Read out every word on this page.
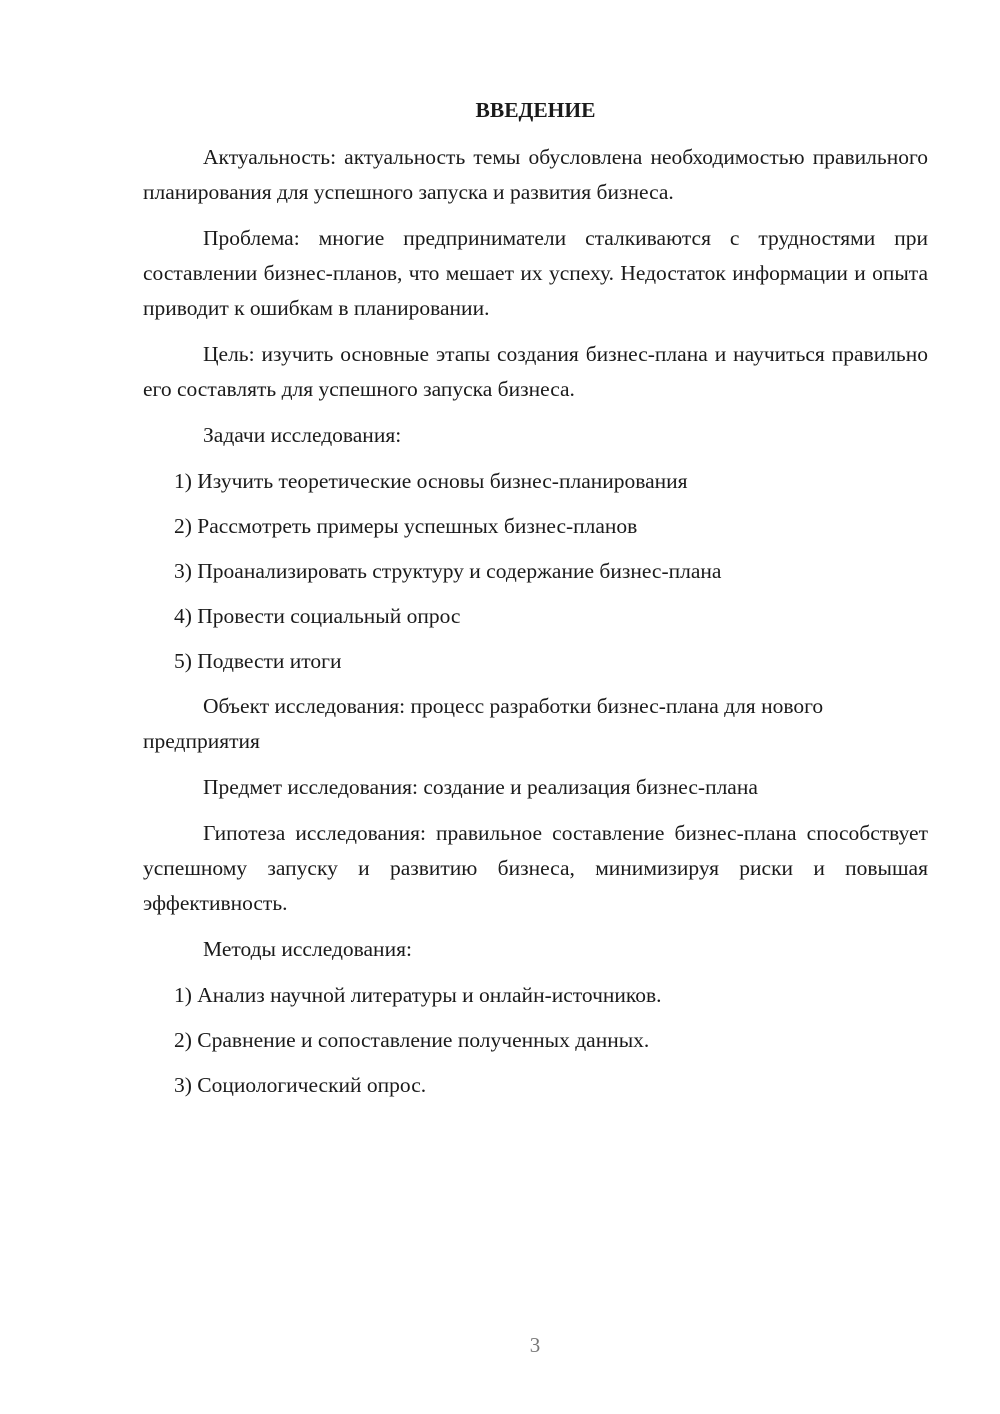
ВВЕДЕНИЕ

Актуальность: актуальность темы обусловлена необходимостью правильного планирования для успешного запуска и развития бизнеса.

Проблема: многие предприниматели сталкиваются с трудностями при составлении бизнес-планов, что мешает их успеху. Недостаток информации и опыта приводит к ошибкам в планировании.

Цель: изучить основные этапы создания бизнес-плана и научиться правильно его составлять для успешного запуска бизнеса.

Задачи исследования:

1) Изучить теоретические основы бизнес-планирования
2) Рассмотреть примеры успешных бизнес-планов
3) Проанализировать структуру и содержание бизнес-плана
4) Провести социальный опрос
5) Подвести итоги

Объект исследования: процесс разработки бизнес-плана для нового предприятия

Предмет исследования: создание и реализация бизнес-плана

Гипотеза исследования: правильное составление бизнес-плана способствует успешному запуску и развитию бизнеса, минимизируя риски и повышая эффективность.

Методы исследования:

1) Анализ научной литературы и онлайн-источников.
2) Сравнение и сопоставление полученных данных.
3) Социологический опрос.
3
